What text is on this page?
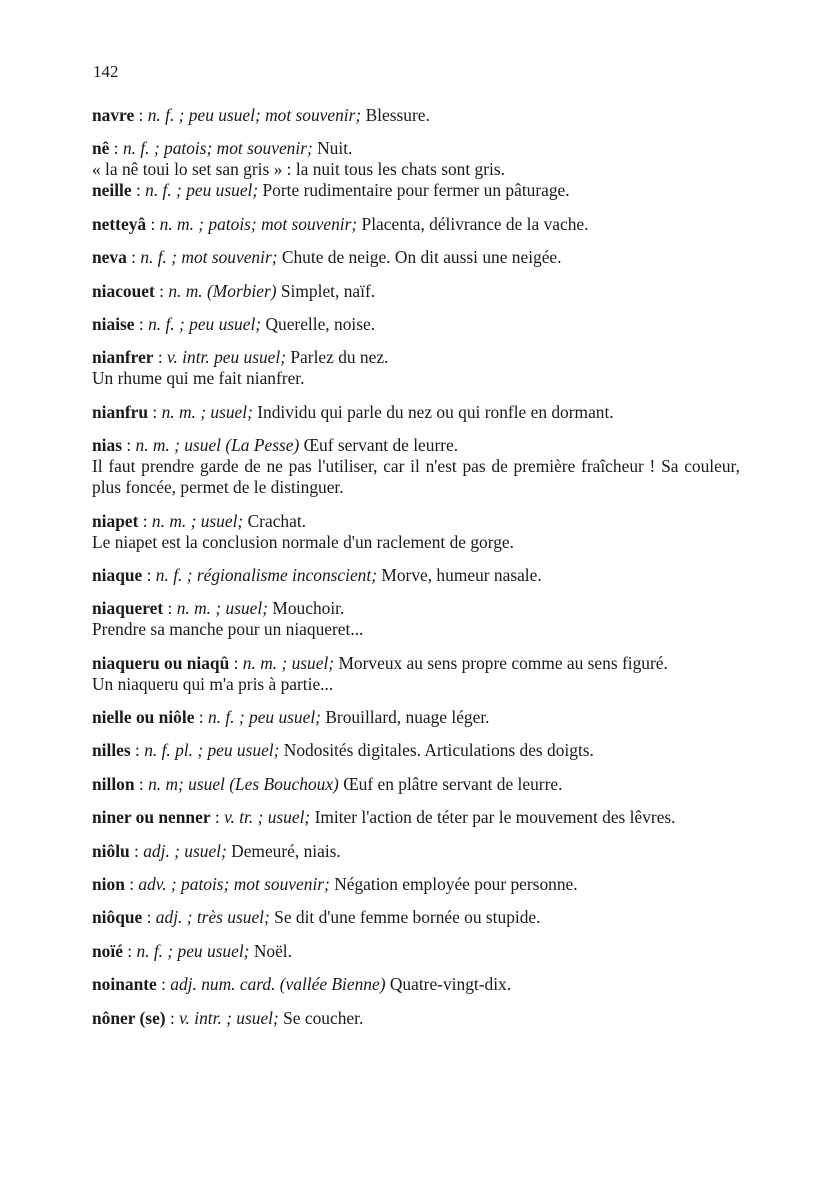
142
navre : n. f. ; peu usuel; mot souvenir; Blessure.
nê : n. f. ; patois; mot souvenir; Nuit.
« la nê toui lo set san gris » : la nuit tous les chats sont gris.
neille : n. f. ; peu usuel; Porte rudimentaire pour fermer un pâturage.
netteyâ : n. m. ; patois; mot souvenir; Placenta, délivrance de la vache.
neva : n. f. ; mot souvenir; Chute de neige. On dit aussi une neigée.
niacouet : n. m. (Morbier) Simplet, naïf.
niaise : n. f. ; peu usuel; Querelle, noise.
nianfrer : v. intr. peu usuel; Parlez du nez.
Un rhume qui me fait nianfrer.
nianfru : n. m. ; usuel; Individu qui parle du nez ou qui ronfle en dormant.
nias : n. m. ; usuel (La Pesse) Œuf servant de leurre.
Il faut prendre garde de ne pas l'utiliser, car il n'est pas de première fraîcheur ! Sa couleur, plus foncée, permet de le distinguer.
niapet : n. m. ; usuel; Crachat.
Le niapet est la conclusion normale d'un raclement de gorge.
niaque : n. f. ; régionalisme inconscient; Morve, humeur nasale.
niaqueret : n. m. ; usuel; Mouchoir.
Prendre sa manche pour un niaqueret...
niaqueru ou niaqû : n. m. ; usuel; Morveux au sens propre comme au sens figuré.
Un niaqueru qui m'a pris à partie...
nielle ou niôle : n. f. ; peu usuel; Brouillard, nuage léger.
nilles : n. f. pl. ; peu usuel; Nodosités digitales. Articulations des doigts.
nillon : n. m; usuel (Les Bouchoux) Œuf en plâtre servant de leurre.
niner ou nenner : v. tr. ; usuel; Imiter l'action de téter par le mouvement des lêvres.
niôlu : adj. ; usuel; Demeuré, niais.
nion : adv. ; patois; mot souvenir; Négation employée pour personne.
niôque : adj. ; très usuel; Se dit d'une femme bornée ou stupide.
noïé : n. f. ; peu usuel; Noël.
noinante : adj. num. card. (vallée Bienne) Quatre-vingt-dix.
nôner (se) : v. intr. ; usuel; Se coucher.
